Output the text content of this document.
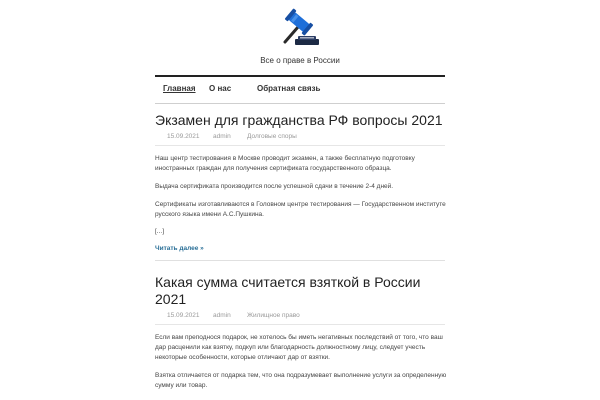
Все о праве в России
Главная О нас	Обратная связь
Экзамен для гражданства РФ вопросы 2021
15.09.2021 admin	Долговые споры

Наш центр тестирования в Москве проводит экзамен, а также бесплатную подготовку иностранных граждан для получения сертификата государственного образца.

Выдача сертификата производится после успешной сдачи в течение 2-4 дней.

Сертификаты изготавливаются в Головном центре тестирования — Государственном институте русского языка имени А.С.Пушкина.

[...]

Читать далее »
Какая сумма считается взяткой в России 2021
15.09.2021 admin	Жилищное право

Если вам преподнося подарок, не хотелось бы иметь негативных последствий от того, что ваш дар расценили как взятку, подкуп или благодарность должностному лицу, следует учесть некоторые особенности, которые отличают дар от взятки.

Взятка отличается от подарка тем, что она подразумевает выполнение услуги за определенную сумму или товар.
